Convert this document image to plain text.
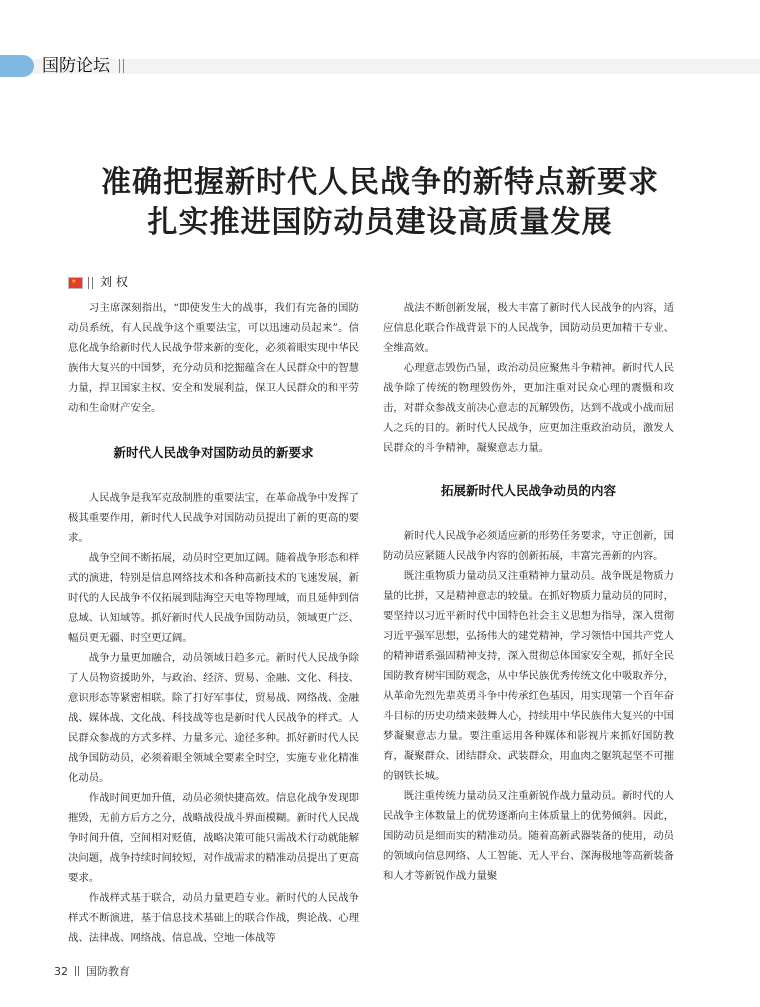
国防论坛
准确把握新时代人民战争的新特点新要求
扎实推进国防动员建设高质量发展
★ 刘 权

习主席深刻指出，“即使发生大的战事，我们有完备的国防动员系统，有人民战争这个重要法宝，可以迅速动员起来”。信息化战争给新时代人民战争带来新的变化，必须着眼实现中华民族伟大复兴的中国梦，充分动员和挖掘蕴含在人民群众中的智慧力量，捍卫国家主权、安全和发展利益，保卫人民群众的和平劳动和生命财产安全。

新时代人民战争对国防动员的新要求

人民战争是我军克敌制胜的重要法宝，在革命战争中发挥了极其重要作用，新时代人民战争对国防动员提出了新的更高的要求。

战争空间不断拓展，动员时空更加辽阔。随着战争形态和样式的演进，特别是信息网络技术和各种高新技术的飞速发展，新时代的人民战争不仅拓展到陆海空天电等物理域，而且延伸到信息域、认知域等。抓好新时代人民战争国防动员，领域更广泛、幅员更无疆、时空更辽阔。

战争力量更加融合，动员领域日趋多元。新时代人民战争除了人员物资援助外，与政治、经济、贸易、金融、文化、科技、意识形态等紧密相联。除了打好军事仗，贸易战、网络战、金融战、媒体战、文化战、科技战等也是新时代人民战争的样式。人民群众参战的方式多样、力量多元、途径多种。抓好新时代人民战争国防动员，必须着眼全领域全要素全时空，实施专业化精准化动员。

作战时间更加升值，动员必须快捷高效。信息化战争发现即摧毁，无前方后方之分，战略战役战斗界面模糊。新时代人民战争时间升值，空间相对贬值，战略决策可能只需战术行动就能解决问题，战争持续时间较短，对作战需求的精准动员提出了更高要求。

作战样式基于联合，动员力量更趋专业。新时代的人民战争样式不断演进，基于信息技术基础上的联合作战，舆论战、心理战、法律战、网络战、信息战、空地一体战等

战法不断创新发展，极大丰富了新时代人民战争的内容，适应信息化联合作战背景下的人民战争，国防动员更加精干专业、全维高效。

心理意志毁伤凸显，政治动员应聚焦斗争精神。新时代人民战争除了传统的物理毁伤外，更加注重对民众心理的震慑和攻击，对群众参战支前决心意志的瓦解毁伤，达到不战或小战而屈人之兵的目的。新时代人民战争，应更加注重政治动员，激发人民群众的斗争精神，凝聚意志力量。

拓展新时代人民战争动员的内容

新时代人民战争必须适应新的形势任务要求，守正创新，国防动员应紧随人民战争内容的创新拓展，丰富完善新的内容。

既注重物质力量动员又注重精神力量动员。战争既是物质力量的比拼，又是精神意志的较量。在抓好物质力量动员的同时，要坚持以习近平新时代中国特色社会主义思想为指导，深入贯彻习近平强军思想，弘扬伟大的建党精神，学习领悟中国共产党人的精神谱系强固精神支持，深入贯彻总体国家安全观，抓好全民国防教育树牢国防观念，从中华民族优秀传统文化中吸取养分，从革命先烈先辈英勇斗争中传承红色基因，用实现第一个百年奋斗目标的历史功绩来鼓舞人心，持续用中华民族伟大复兴的中国梦凝聚意志力量。要注重运用各种媒体和影视片来抓好国防教育，凝聚群众、团结群众、武装群众，用血肉之躯筑起坚不可摧的钢铁长城。

既注重传统力量动员又注重新锐作战力量动员。新时代的人民战争主体数量上的优势逐渐向主体质量上的优势倾斜。因此，国防动员是细而实的精准动员。随着高新武器装备的使用，动员的领域向信息网络、人工智能、无人平台、深海极地等高新装备和人才等新锐作战力量聚

32 国防教育
